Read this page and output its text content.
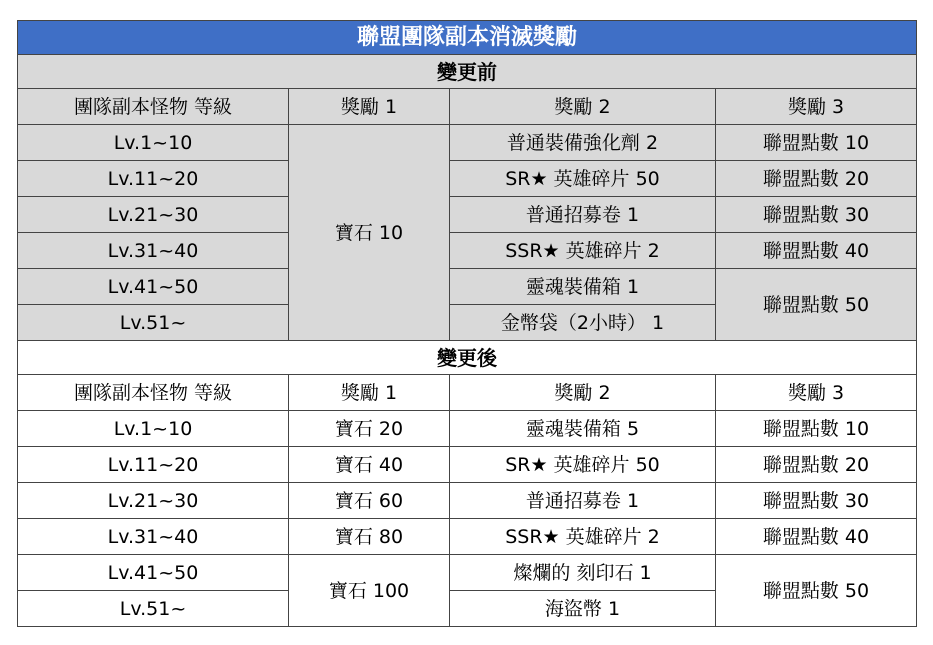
聯盟團隊副本消滅獎勵			
變更前			
團隊副本怪物 等級	獎勵 1	獎勵 2	獎勵 3
Lv.1~10	寶石 10	普通裝備強化劑 2	聯盟點數 10
Lv.11~20		SR★ 英雄碎片 50	聯盟點數 20
Lv.21~30		普通招募卷 1	聯盟點數 30
Lv.31~40		SSR★ 英雄碎片 2	聯盟點數 40
Lv.41~50		靈魂裝備箱 1	聯盟點數 50
Lv.51~		金幣袋（2小時） 1	
變更後			
團隊副本怪物 等級	獎勵 1	獎勵 2	獎勵 3
Lv.1~10	寶石 20	靈魂裝備箱 5	聯盟點數 10
Lv.11~20	寶石 40	SR★ 英雄碎片 50	聯盟點數 20
Lv.21~30	寶石 60	普通招募卷 1	聯盟點數 30
Lv.31~40	寶石 80	SSR★ 英雄碎片 2	聯盟點數 40
Lv.41~50	寶石 100	燦爛的 刻印石 1	聯盟點數 50
Lv.51~		海盜幣 1	
